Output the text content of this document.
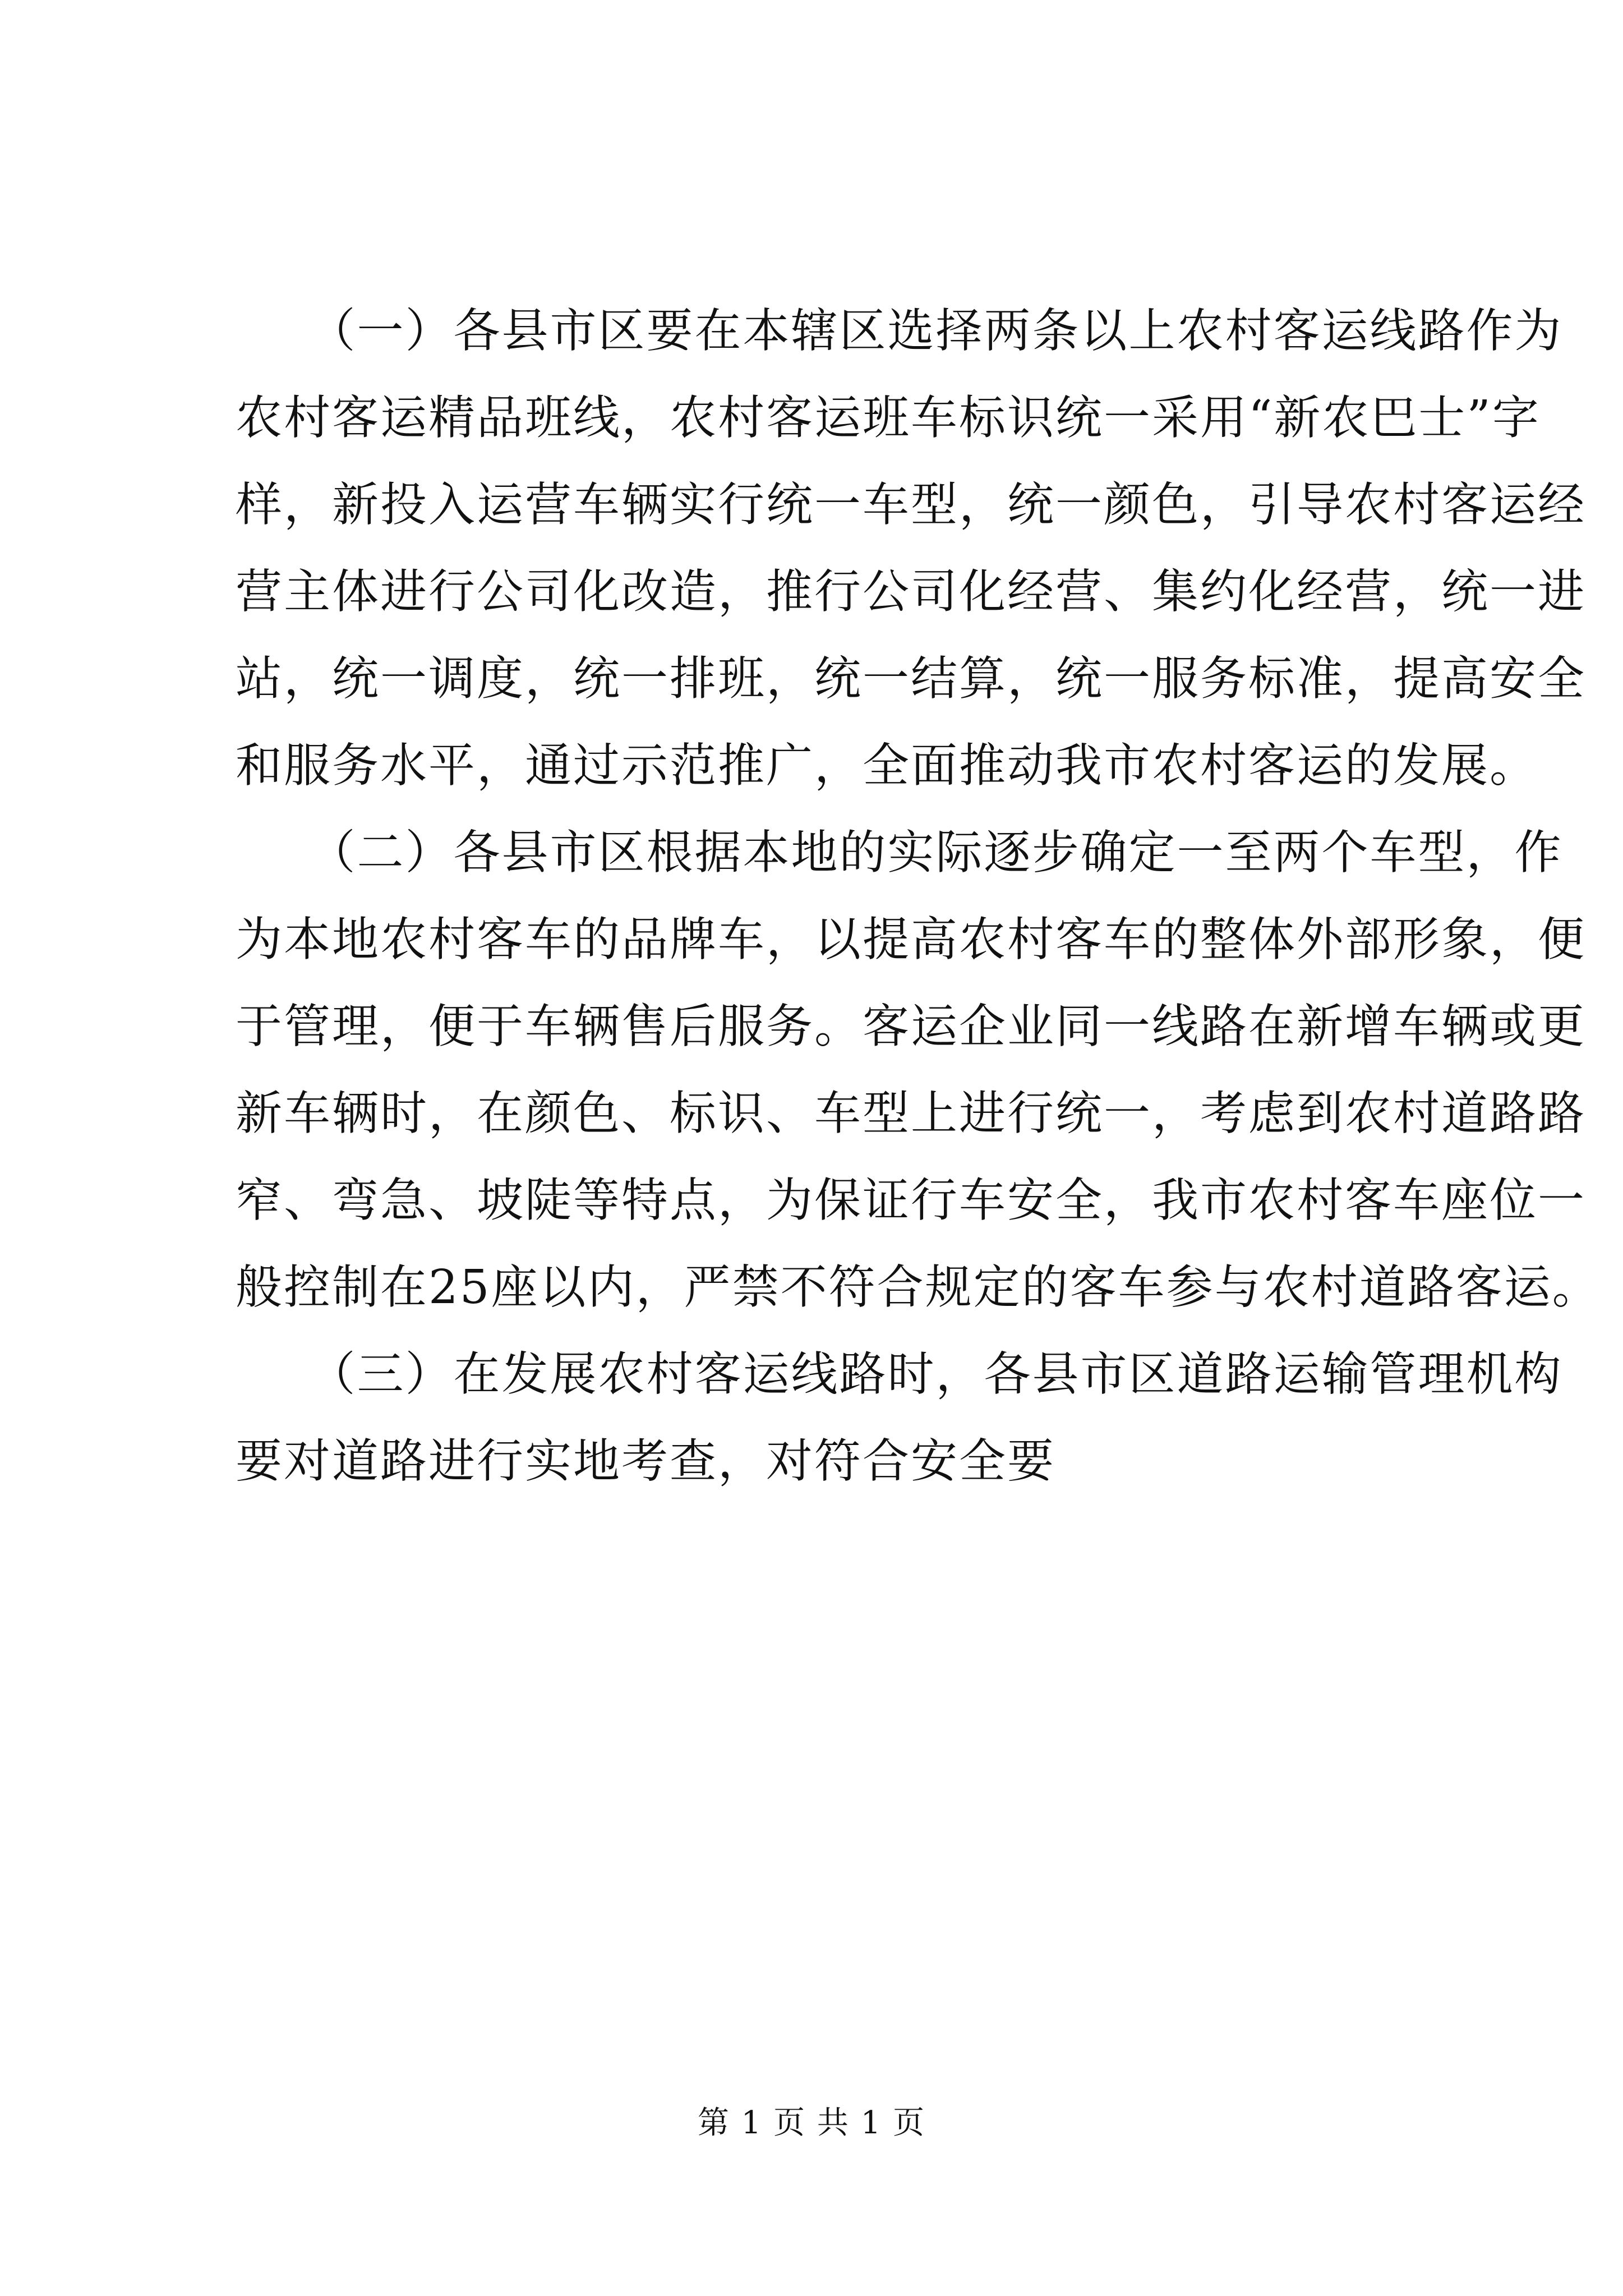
　　（一）各县市区要在本辖区选择两条以上农村客运线路作为
农村客运精品班线，农村客运班车标识统一采用“新农巴士”字
样，新投入运营车辆实行统一车型，统一颜色，引导农村客运经
营主体进行公司化改造，推行公司化经营、集约化经营，统一进
站，统一调度，统一排班，统一结算，统一服务标准，提高安全
和服务水平，通过示范推广，全面推动我市农村客运的发展。
　　（二）各县市区根据本地的实际逐步确定一至两个车型，作
为本地农村客车的品牌车，以提高农村客车的整体外部形象，便
于管理，便于车辆售后服务。客运企业同一线路在新增车辆或更
新车辆时，在颜色、标识、车型上进行统一，考虑到农村道路路
窄、弯急、坡陡等特点，为保证行车安全，我市农村客车座位一
般控制在25座以内，严禁不符合规定的客车参与农村道路客运。
　　（三）在发展农村客运线路时，各县市区道路运输管理机构
要对道路进行实地考查，对符合安全要
第 1 页 共 1 页
